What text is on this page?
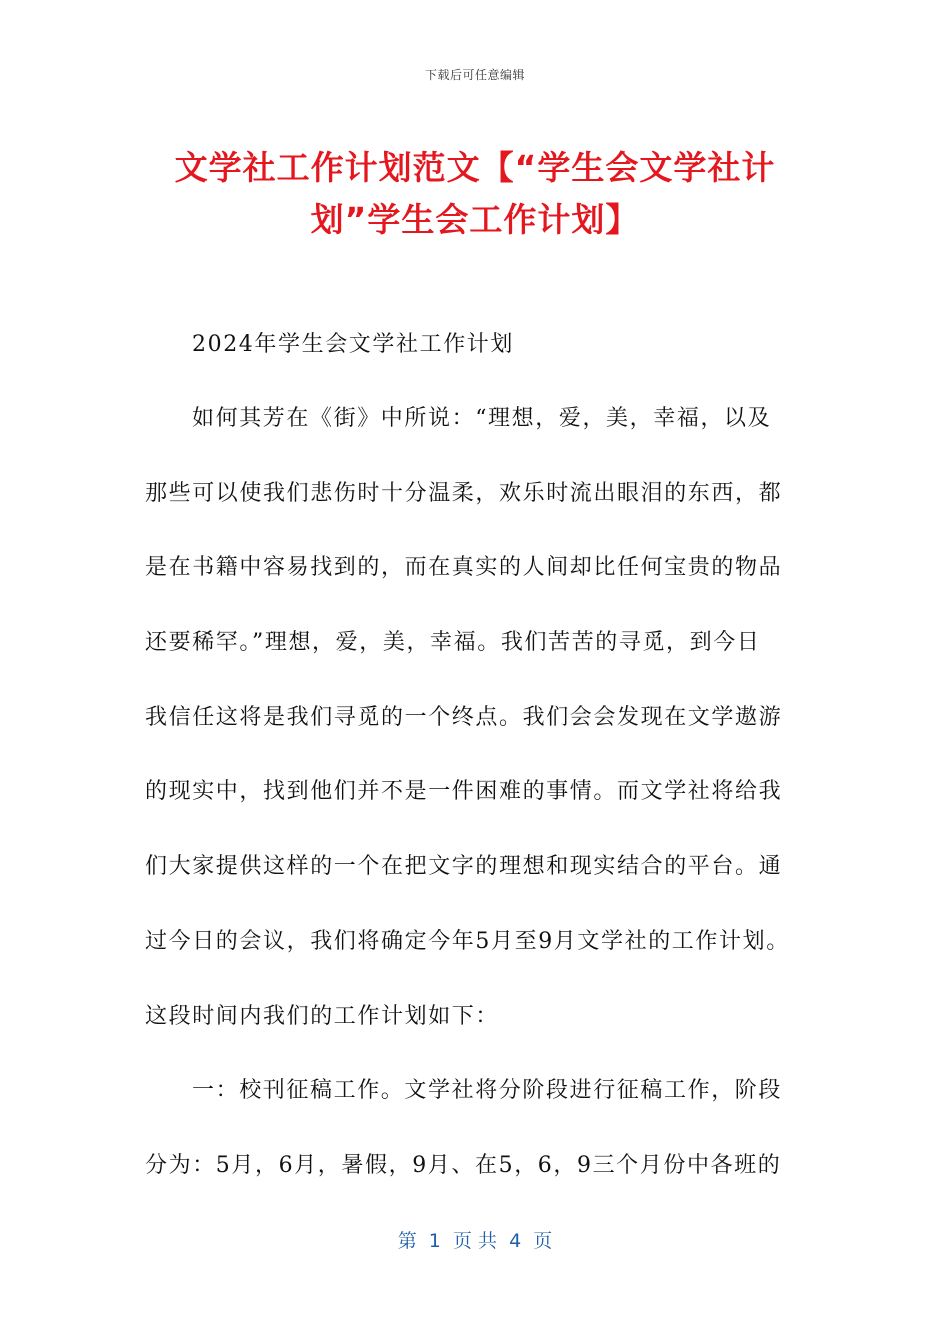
下载后可任意编辑
文学社工作计划范文【“学生会文学社计
划”学生会工作计划】
2024年学生会文学社工作计划
如何其芳在《街》中所说：“理想，爱，美，幸福，以及
那些可以使我们悲伤时十分温柔，欢乐时流出眼泪的东西，都
是在书籍中容易找到的，而在真实的人间却比任何宝贵的物品
还要稀罕。”理想，爱，美，幸福。我们苦苦的寻觅，到今日
我信任这将是我们寻觅的一个终点。我们会会发现在文学遨游
的现实中，找到他们并不是一件困难的事情。而文学社将给我
们大家提供这样的一个在把文字的理想和现实结合的平台。通
过今日的会议，我们将确定今年5月至9月文学社的工作计划。
这段时间内我们的工作计划如下：
一：校刊征稿工作。文学社将分阶段进行征稿工作，阶段
分为：5月，6月，暑假，9月、在5，6，9三个月份中各班的
第  1  页 共  4  页
